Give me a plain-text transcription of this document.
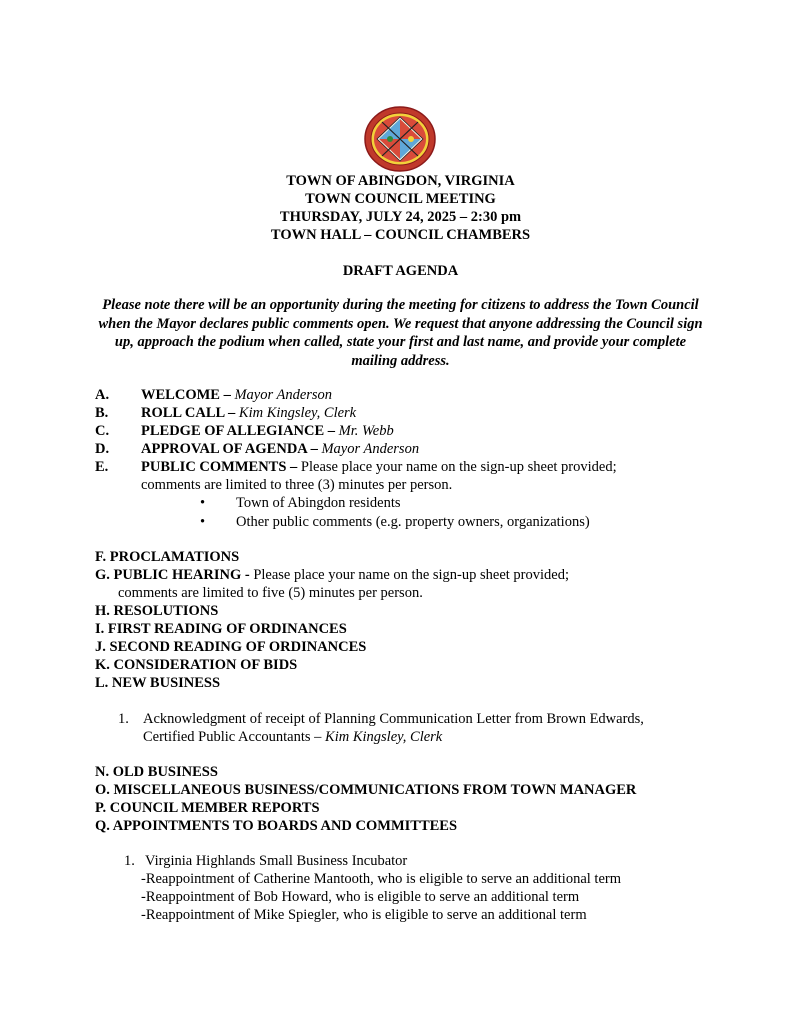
TOWN OF ABINGDON, VIRGINIA
TOWN COUNCIL MEETING
THURSDAY, JULY 24, 2025 – 2:30 pm
TOWN HALL – COUNCIL CHAMBERS
DRAFT AGENDA
Please note there will be an opportunity during the meeting for citizens to address the Town Council when the Mayor declares public comments open. We request that anyone addressing the Council sign up, approach the podium when called, state your first and last name, and provide your complete mailing address.
A. WELCOME – Mayor Anderson
B. ROLL CALL – Kim Kingsley, Clerk
C. PLEDGE OF ALLEGIANCE – Mr. Webb
D. APPROVAL OF AGENDA – Mayor Anderson
E. PUBLIC COMMENTS – Please place your name on the sign-up sheet provided;
comments are limited to three (3) minutes per person.
• Town of Abingdon residents
• Other public comments (e.g. property owners, organizations)
F. PROCLAMATIONS
G. PUBLIC HEARING - Please place your name on the sign-up sheet provided;
comments are limited to five (5) minutes per person.
H. RESOLUTIONS
I. FIRST READING OF ORDINANCES
J. SECOND READING OF ORDINANCES
K. CONSIDERATION OF BIDS
L. NEW BUSINESS
1. Acknowledgment of receipt of Planning Communication Letter from Brown Edwards,
Certified Public Accountants – Kim Kingsley, Clerk
N. OLD BUSINESS
O. MISCELLANEOUS BUSINESS/COMMUNICATIONS FROM TOWN MANAGER
P. COUNCIL MEMBER REPORTS
Q. APPOINTMENTS TO BOARDS AND COMMITTEES
1. Virginia Highlands Small Business Incubator
-Reappointment of Catherine Mantooth, who is eligible to serve an additional term
-Reappointment of Bob Howard, who is eligible to serve an additional term
-Reappointment of Mike Spiegler, who is eligible to serve an additional term
